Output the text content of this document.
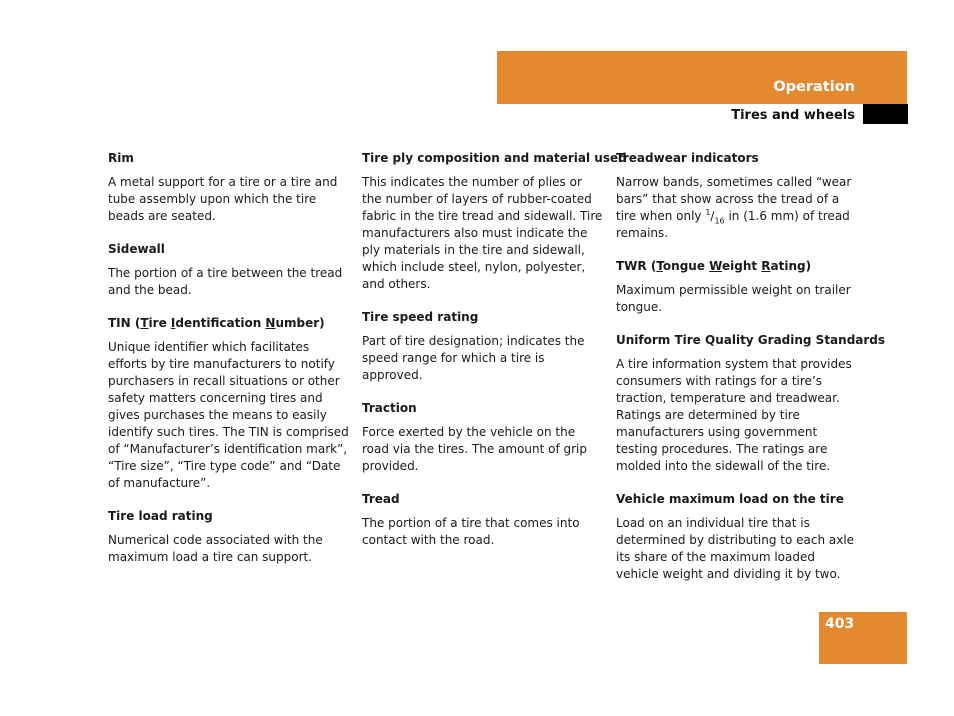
Operation
Tires and wheels
Rim
A metal support for a tire or a tire and tube assembly upon which the tire beads are seated.
Sidewall
The portion of a tire between the tread and the bead.
TIN (Tire Identification Number)
Unique identifier which facilitates efforts by tire manufacturers to notify purchasers in recall situations or other safety matters concerning tires and gives purchases the means to easily identify such tires. The TIN is comprised of “Manufacturer’s identification mark”, “Tire size”, “Tire type code” and “Date of manufacture”.
Tire load rating
Numerical code associated with the maximum load a tire can support.
Tire ply composition and material used
This indicates the number of plies or the number of layers of rubber-coated fabric in the tire tread and sidewall. Tire manufacturers also must indicate the ply materials in the tire and sidewall, which include steel, nylon, polyester, and others.
Tire speed rating
Part of tire designation; indicates the speed range for which a tire is approved.
Traction
Force exerted by the vehicle on the road via the tires. The amount of grip provided.
Tread
The portion of a tire that comes into contact with the road.
Treadwear indicators
Narrow bands, sometimes called “wear bars” that show across the tread of a tire when only $^1/_{16}$ in (1.6 mm) of tread remains.
TWR (Tongue Weight Rating)
Maximum permissible weight on trailer tongue.
Uniform Tire Quality Grading Standards
A tire information system that provides consumers with ratings for a tire’s traction, temperature and treadwear. Ratings are determined by tire manufacturers using government testing procedures. The ratings are molded into the sidewall of the tire.
Vehicle maximum load on the tire
Load on an individual tire that is determined by distributing to each axle its share of the maximum loaded vehicle weight and dividing it by two.
403
